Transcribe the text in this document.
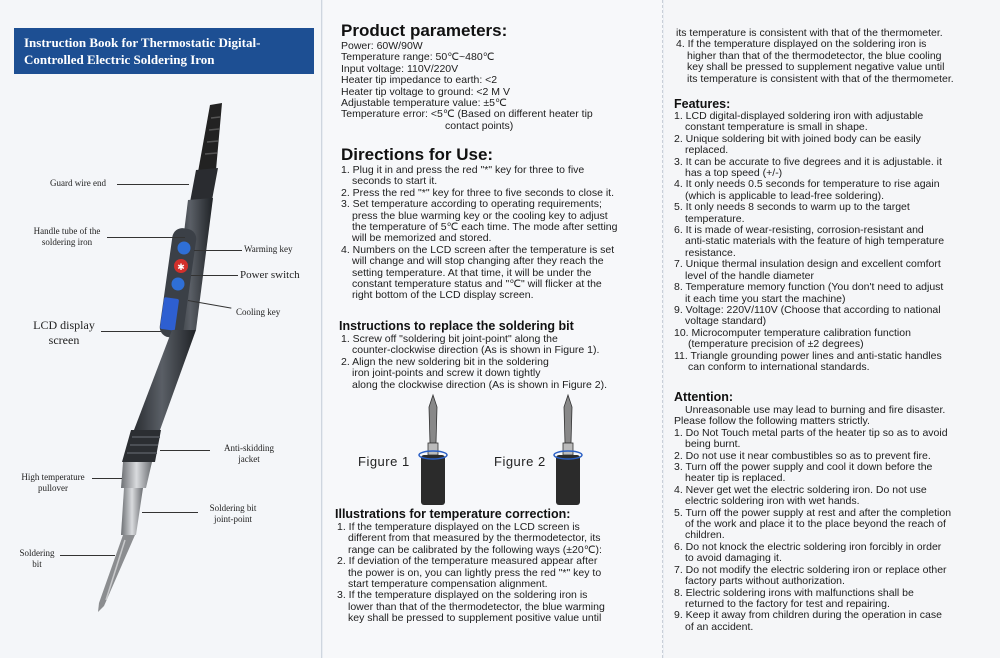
Instruction Book for Thermostatic Digital-
Controlled Electric Soldering Iron
✱
Guard wire end
Handle tube of the
soldering iron
Warming key
Power switch
Cooling key
LCD display
screen
Anti-skidding
jacket
High temperature
pullover
Soldering bit
joint-point
Soldering
bit
Product parameters:
Power: 60W/90W
Temperature range: 50℃~480℃
Input voltage: 110V/220V
Heater tip impedance to earth: <2
Heater tip voltage to ground: <2 M V
Adjustable temperature value: ±5℃
Temperature error: <5℃ (Based on different heater tip
contact points)
Directions for Use:
1. Plug it in and press the red "*" key for three to five
seconds to start it.
2. Press the red "*" key for three to five seconds to close it.
3. Set temperature according to operating requirements;
press the blue warming key or the cooling key to adjust
the temperature of 5℃ each time. The mode after setting
will be memorized and stored.
4. Numbers on the LCD screen after the temperature is set
will change and will stop changing after they reach the
setting temperature. At that time, it will be under the
constant temperature status and "℃" will flicker at the
right bottom of the LCD display screen.
Instructions to replace the soldering bit
1. Screw off "soldering bit joint-point" along the
counter-clockwise direction (As is shown in Figure 1).
2. Align the new soldering bit in the soldering
iron joint-points and screw it down tightly
along the clockwise direction (As is shown in Figure 2).
Figure 1	Figure 2
Illustrations for temperature correction:
1. If the temperature displayed on the LCD screen is
different from that measured by the thermodetector, its
range can be calibrated by the following ways (±20℃):
2. If deviation of the temperature measured appear after
the power is on, you can lightly press the red "*" key to
start temperature compensation alignment.
3. If the temperature displayed on the soldering iron is
lower than that of the thermodetector, the blue warming
key shall be pressed to supplement positive value until
its temperature is consistent with that of the thermometer.
4. If the temperature displayed on the soldering iron is
higher than that of the thermodetector, the blue cooling
key shall be pressed to supplement negative value until
its temperature is consistent with that of the thermometer.
Features:
1. LCD digital-displayed soldering iron with adjustable
constant temperature is small in shape.
2. Unique soldering bit with joined body can be easily
replaced.
3. It can be accurate to five degrees and it is adjustable. it
has a top speed (+/-)
4. It only needs 0.5 seconds for temperature to rise again
(which is applicable to lead-free soldering).
5. It only needs 8 seconds to warm up to the target
temperature.
6. It is made of wear-resisting, corrosion-resistant and
anti-static materials with the feature of high temperature
resistance.
7. Unique thermal insulation design and excellent comfort
level of the handle diameter
8. Temperature memory function (You don't need to adjust
it each time you start the machine)
9. Voltage: 220V/110V (Choose that according to national
voltage standard)
10. Microcomputer temperature calibration function
(temperature precision of ±2 degrees)
11. Triangle grounding power lines and anti-static handles
can conform to international standards.
Attention:
Unreasonable use may lead to burning and fire disaster.
Please follow the following matters strictly.
1. Do Not Touch metal parts of the heater tip so as to avoid
being burnt.
2. Do not use it near combustibles so as to prevent fire.
3. Turn off the power supply and cool it down before the
heater tip is replaced.
4. Never get wet the electric soldering iron. Do not use
electric soldering iron with wet hands.
5. Turn off the power supply at rest and after the completion
of the work and place it to the place beyond the reach of
children.
6. Do not knock the electric soldering iron forcibly in order
to avoid damaging it.
7. Do not modify the electric soldering iron or replace other
factory parts without authorization.
8. Electric soldering irons with malfunctions shall be
returned to the factory for test and repairing.
9. Keep it away from children during the operation in case
of an accident.
